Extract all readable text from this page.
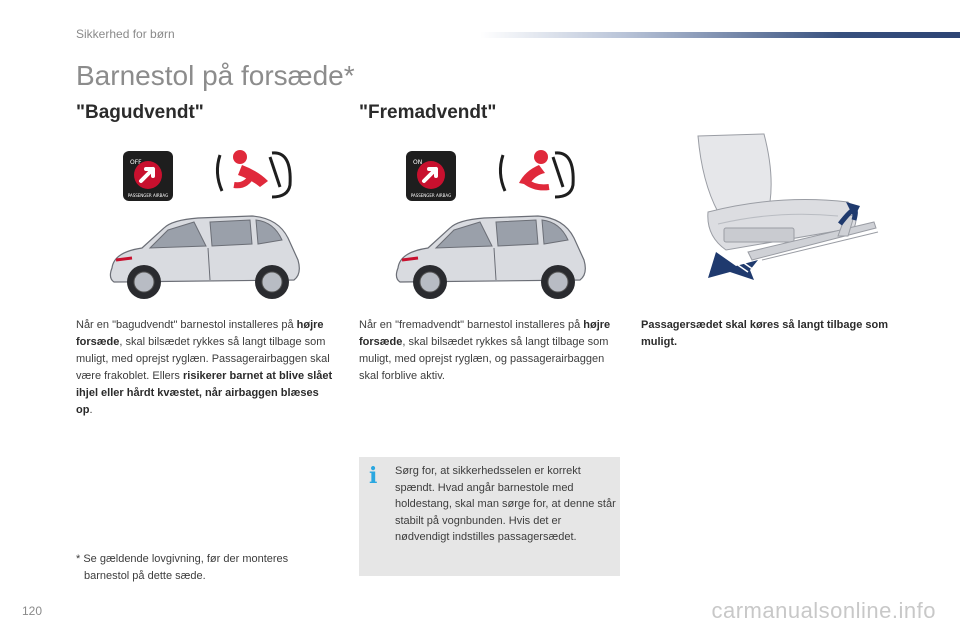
Sikkerhed for børn
Barnestol på forsæde*
"Bagudvendt"	"Fremadvendt"
OFF
PASSENGER AIRBAG
ON
PASSENGER AIRBAG
Når en "bagudvendt" barnestol installeres på højre forsæde, skal bilsædet rykkes så langt tilbage som muligt, med oprejst ryglæn. Passagerairbaggen skal være frakoblet. Ellers risikerer barnet at blive slået ihjel eller hårdt kvæstet, når airbaggen blæses op.
Når en "fremadvendt" barnestol installeres på højre forsæde, skal bilsædet rykkes så langt tilbage som muligt, med oprejst ryglæn, og passagerairbaggen skal forblive aktiv.
Passagersædet skal køres så langt tilbage som muligt.
i Sørg for, at sikkerhedsselen er korrekt spændt. Hvad angår barnestole med holdestang, skal man sørge for, at denne står stabilt på vognbunden. Hvis det er nødvendigt indstilles passagersædet.
* Se gældende lovgivning, før der monteres
barnestol på dette sæde.
120	carmanualsonline.info
